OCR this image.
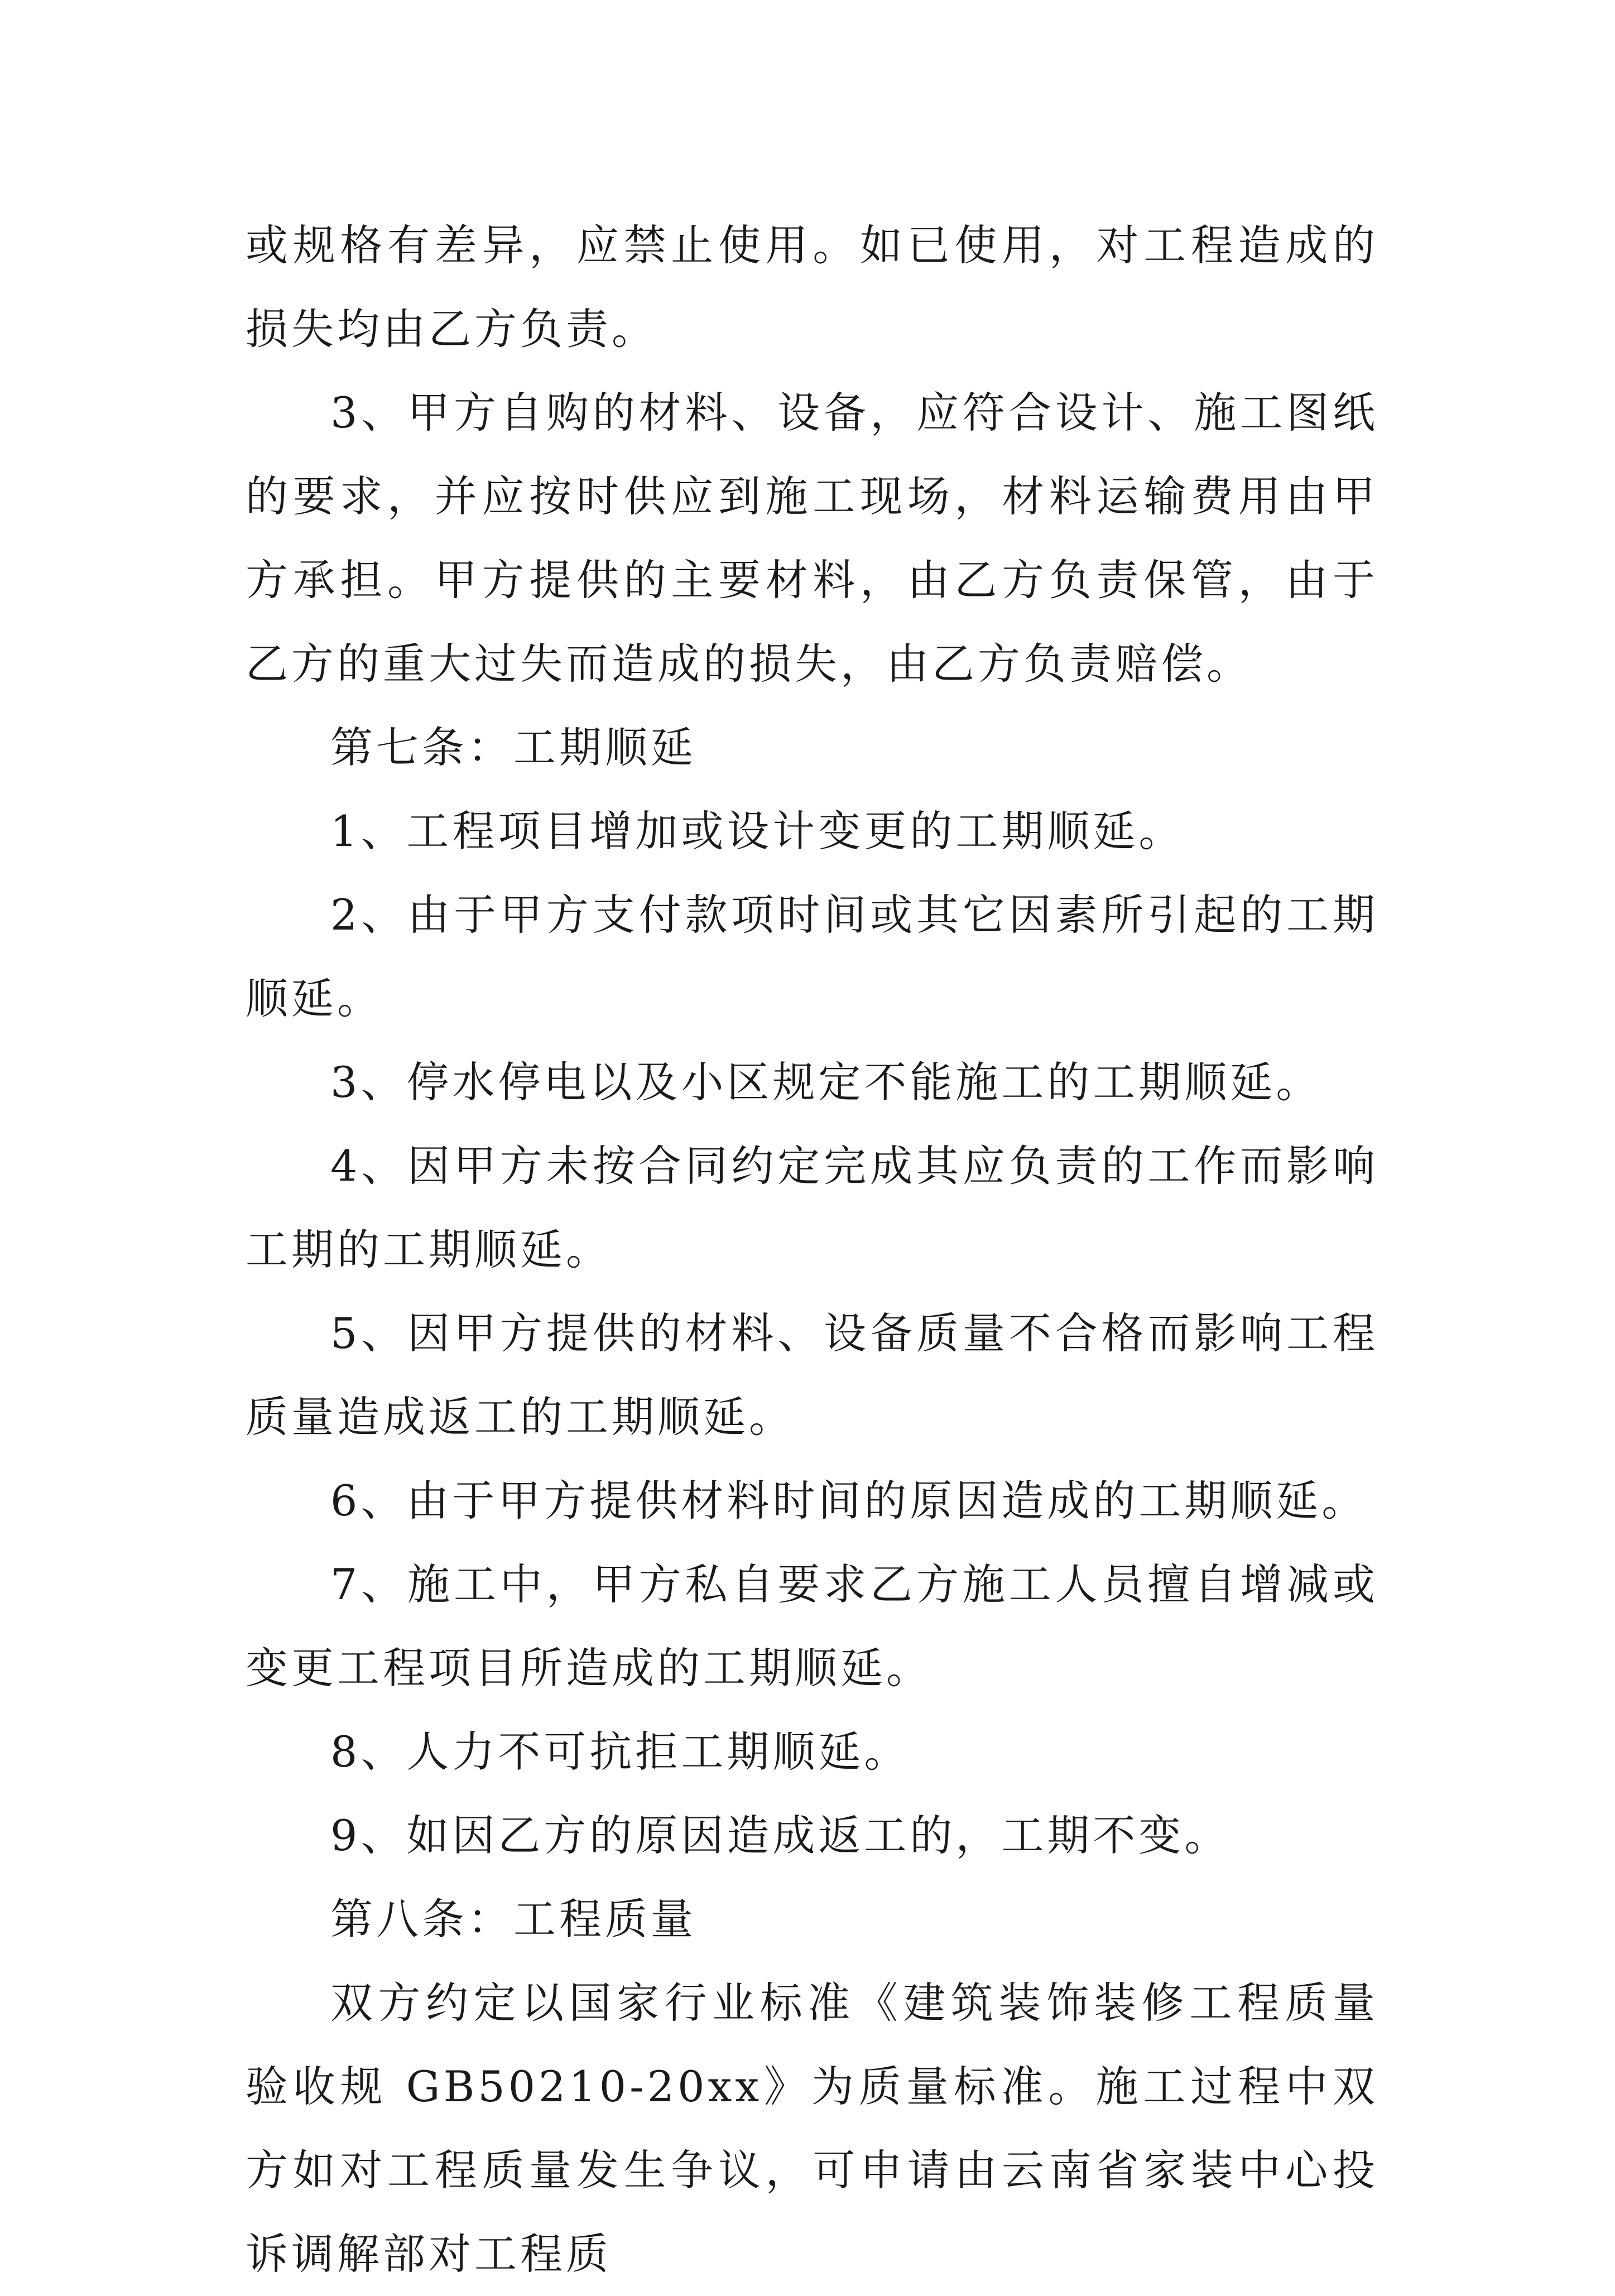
或规格有差异，应禁止使用。如已使用，对工程造成的损失均由乙方负责。

3、甲方自购的材料、设备，应符合设计、施工图纸的要求，并应按时供应到施工现场，材料运输费用由甲方承担。甲方提供的主要材料，由乙方负责保管，由于乙方的重大过失而造成的损失，由乙方负责赔偿。

第七条：工期顺延

1、工程项目增加或设计变更的工期顺延。

2、由于甲方支付款项时间或其它因素所引起的工期顺延。

3、停水停电以及小区规定不能施工的工期顺延。

4、因甲方未按合同约定完成其应负责的工作而影响工期的工期顺延。

5、因甲方提供的材料、设备质量不合格而影响工程质量造成返工的工期顺延。

6、由于甲方提供材料时间的原因造成的工期顺延。

7、施工中，甲方私自要求乙方施工人员擅自增减或变更工程项目所造成的工期顺延。

8、人力不可抗拒工期顺延。

9、如因乙方的原因造成返工的，工期不变。

第八条：工程质量

双方约定以国家行业标准《建筑装饰装修工程质量验收规 GB50210-20xx》为质量标准。施工过程中双方如对工程质量发生争议，可申请由云南省家装中心投诉调解部对工程质
